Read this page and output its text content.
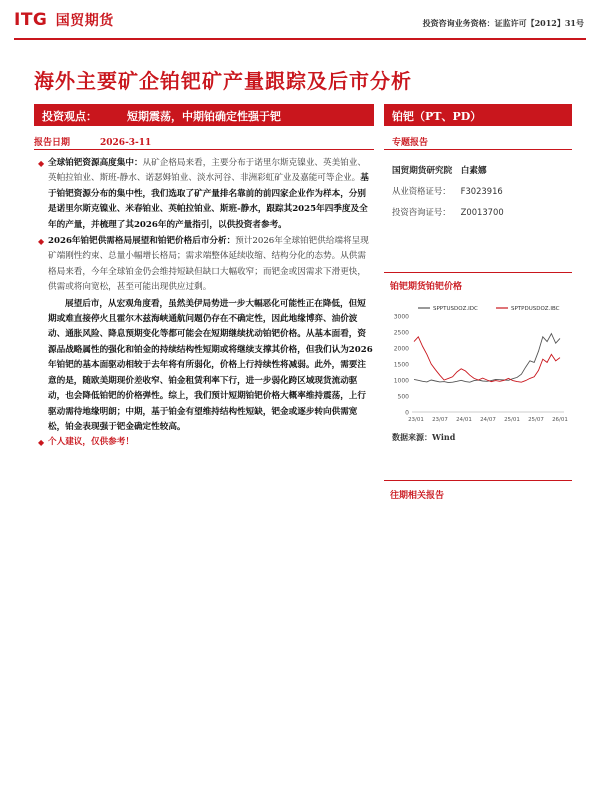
ITG 国贸期货	投资咨询业务资格：证监许可【2012】31号
海外主要矿企铂钯矿产量跟踪及后市分析
投资观点：	短期震荡，中期铂确定性强于钯	铂钯（PT、PD）
报告日期	2026-3-11	专题报告
◆ 全球铂钯资源高度集中：从矿企格局来看，主要分布于诺里尔斯克镍业、英美铂业、英帕拉铂业、斯班-静水、诺瑟姆铂业、淡水河谷、非洲彩虹矿业及嘉能可等企业。基于铂钯资源分布的集中性，我们选取了矿产量排名靠前的前四家企业作为样本，分别是诺里尔斯克镍业、米春铂业、英帕拉铂业、斯班-静水，跟踪其2025年四季度及全年的产量，并梳理了其2026年的产量指引，以供投资者参考。
◆ 2026年铂钯供需格局展望和铂钯价格后市分析：预计2026年全球铂钯供给端将呈现矿端刚性约束、总量小幅增长格局；需求端整体延续收缩、结构分化的态势。从供需格局来看，今年全球铂金仍会维持短缺但缺口大幅收窄；而钯金或因需求下滑更快，供需或将向宽松，甚至可能出现供应过剩。
展望后市，从宏观角度看，虽然美伊局势进一步大幅恶化可能性正在降低，但短期或难直接停火且霍尔木兹海峡通航问题仍存在不确定性，因此地缘博弈、油价波动、通胀风险、降息预期变化等都可能会在短期继续扰动铂钯价格。从基本面看，资源品战略属性的强化和铂金的持续结构性短期或将继续支撑其价格，但我们认为2026年铂钯的基本面驱动相较于去年将有所弱化，价格上行持续性将减弱。此外，需要注意的是，随欧美期现价差收窄、铂金租赁利率下行，进一步弱化跨区域现货流动驱动，也会降低铂钯的价格弹性。综上，我们预计短期铂钯价格大概率维持震荡，上行驱动需待地缘明朗；中期，基于铂金有望维持结构性短缺，钯金或逐步转向供需宽松，铂金表现强于钯金确定性较高。
◆ 个人建议，仅供参考！
国贸期货研究院　白素娜
从业资格证号： F3023916
投资咨询证号： Z0013700
铂钯期货铂钯价格
0
500
1000
1500
2000
2500
3000
23/01 23/07 24/01 24/07 25/01 25/07 26/01
SPPTUSDOZ.IDC	SPTPDUSDOZ.IBC
数据来源：Wind
往期相关报告
